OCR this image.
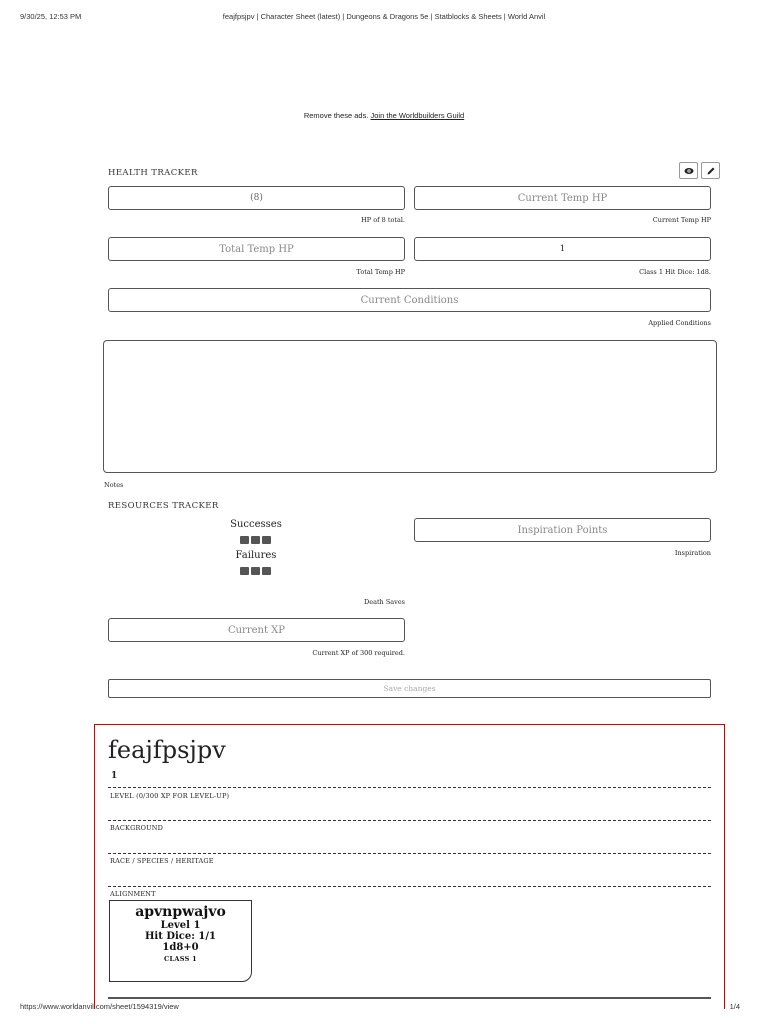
9/30/25, 12:53 PM	feajfpsjpv | Character Sheet (latest) | Dungeons & Dragons 5e | Statblocks & Sheets | World Anvil
Remove these ads. Join the Worldbuilders Guild
HEALTH TRACKER
(8)
HP of 8 total.
Current Temp HP
Current Temp HP
Total Temp HP
Total Temp HP
1
Class 1 Hit Dice: 1d8.
Current Conditions
Applied Conditions
Notes
RESOURCES TRACKER
Successes
Failures
Death Saves
Inspiration Points
Inspiration
Current XP
Current XP of 300 required.
Save changes
feajfpsjpv
1
LEVEL (0/300 XP FOR LEVEL-UP)
BACKGROUND
RACE / SPECIES / HERITAGE
ALIGNMENT
apvnpwajvo
Level 1
Hit Dice: 1/1
1d8+0
CLASS 1
https://www.worldanvil.com/sheet/1594319/view	1/4
